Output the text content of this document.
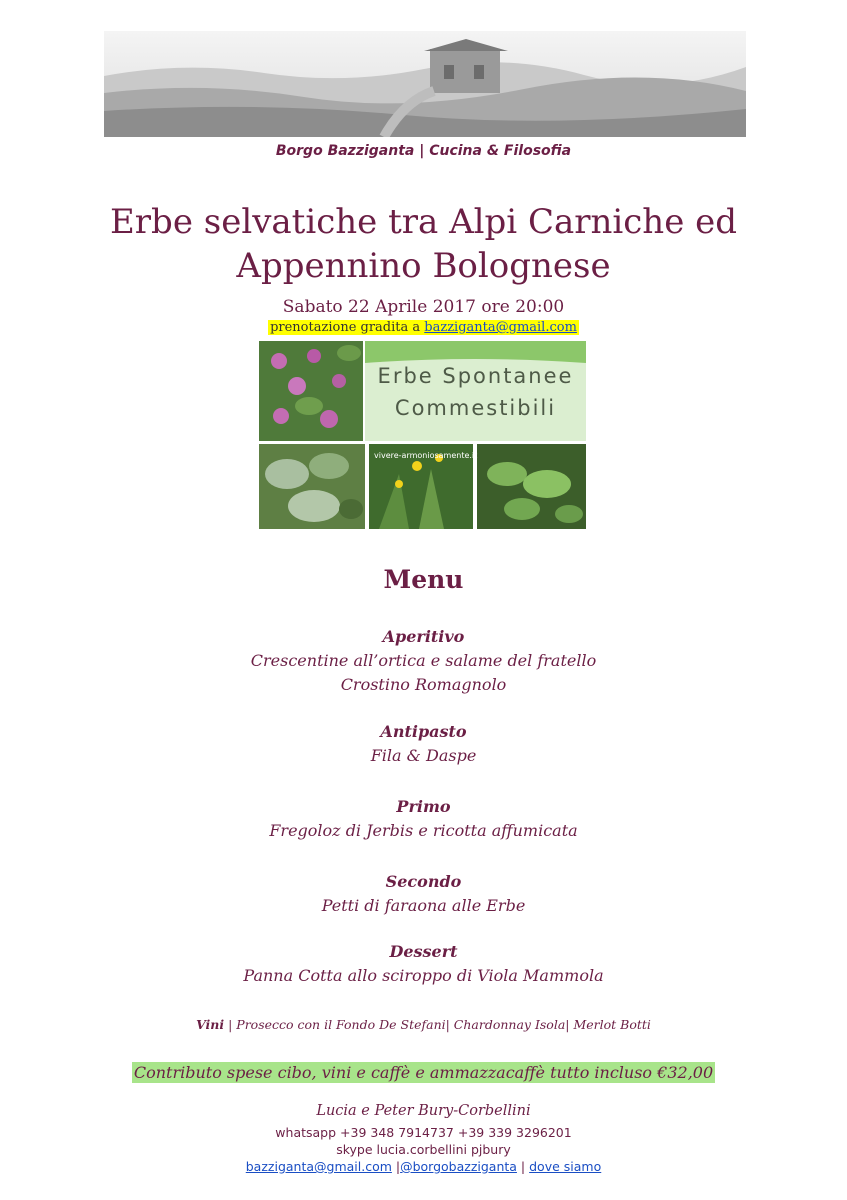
Borgo Bazziganta | Cucina & Filosofia
Erbe selvatiche tra Alpi Carniche ed Appennino Bolognese
Sabato 22 Aprile 2017 ore 20:00
prenotazione gradita a bazziganta@gmail.com
Erbe Spontanee
Commestibili
vivere-armoniosamente.it
Menu
Aperitivo
Crescentine all’ortica e salame del fratello
Crostino Romagnolo
Antipasto
Fila & Daspe
Primo
Fregoloz di Jerbis e ricotta affumicata
Secondo
Petti di faraona alle Erbe
Dessert
Panna Cotta allo sciroppo di Viola Mammola
Vini | Prosecco con il Fondo De Stefani| Chardonnay Isola| Merlot Botti
Contributo spese cibo, vini e caffè e ammazzacaffè tutto incluso €32,00
Lucia e Peter Bury-Corbellini
whatsapp +39 348 7914737 +39 339 3296201
skype lucia.corbellini pjbury
bazziganta@gmail.com |@borgobazziganta | dove siamo
